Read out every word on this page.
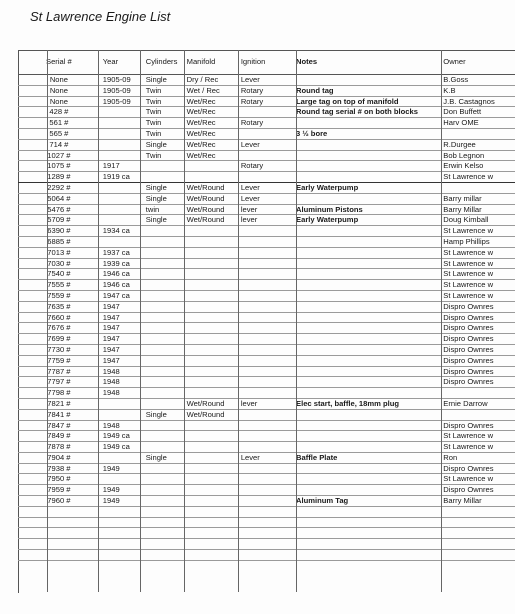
St Lawrence Engine List
Serial #	Year	Cylinders	Manifold	Ignition	Notes	Owner
None	1905-09	Single	Dry / Rec	Lever		B.Goss
None	1905-09	Twin	Wet / Rec	Rotary	Round tag	K.B
None	1905-09	Twin	Wet/Rec	Rotary	Large tag on top of manifold	J.B. Castagnos
428 #		Twin	Wet/Rec		Round tag serial # on both blocks	Don Buffett
561 #		Twin	Wet/Rec	Rotary		Harv OME
565 #		Twin	Wet/Rec		3 ½ bore	
714 #		Single	Wet/Rec	Lever		R.Durgee
1027 #		Twin	Wet/Rec			Bob Legnon
1075 #	1917			Rotary		Erwin Kelso
1289 #	1919 ca					St Lawrence w
2292 #		Single	Wet/Round	Lever	Early Waterpump	
5064 #		Single	Wet/Round	Lever		Barry millar
5476 #		twin	Wet/Round	lever	Aluminum Pistons	Barry Millar
5709 #		Single	Wet/Round	lever	Early Waterpump	Doug Kimball
6390 #	1934 ca					St Lawrence w
6885 #						Hamp Phillips
7013 #	1937 ca					St Lawrence w
7030 #	1939 ca					St Lawrence w
7540 #	1946 ca					St Lawrence w
7555 #	1946 ca					St Lawrence w
7559 #	1947 ca					St Lawrence w
7635 #	1947					Dispro Ownres
7660 #	1947					Dispro Ownres
7676 #	1947					Dispro Ownres
7699 #	1947					Dispro Ownres
7730 #	1947					Dispro Ownres
7759 #	1947					Dispro Ownres
7787 #	1948					Dispro Ownres
7797 #	1948					Dispro Ownres
7798 #	1948					
7821 #			Wet/Round	lever	Elec start, baffle, 18mm plug	Ernie Darrow
7841 #		Single	Wet/Round			
7847 #	1948					Dispro Ownres
7849 #	1949 ca					St Lawrence w
7878 #	1949 ca					St Lawrence w
7904 #		Single		Lever	Baffle Plate	Ron
7938 #	1949					Dispro Ownres
7950 #						St Lawrence w
7959 #	1949					Dispro Ownres
7960 #	1949				Aluminum Tag	Barry Millar
